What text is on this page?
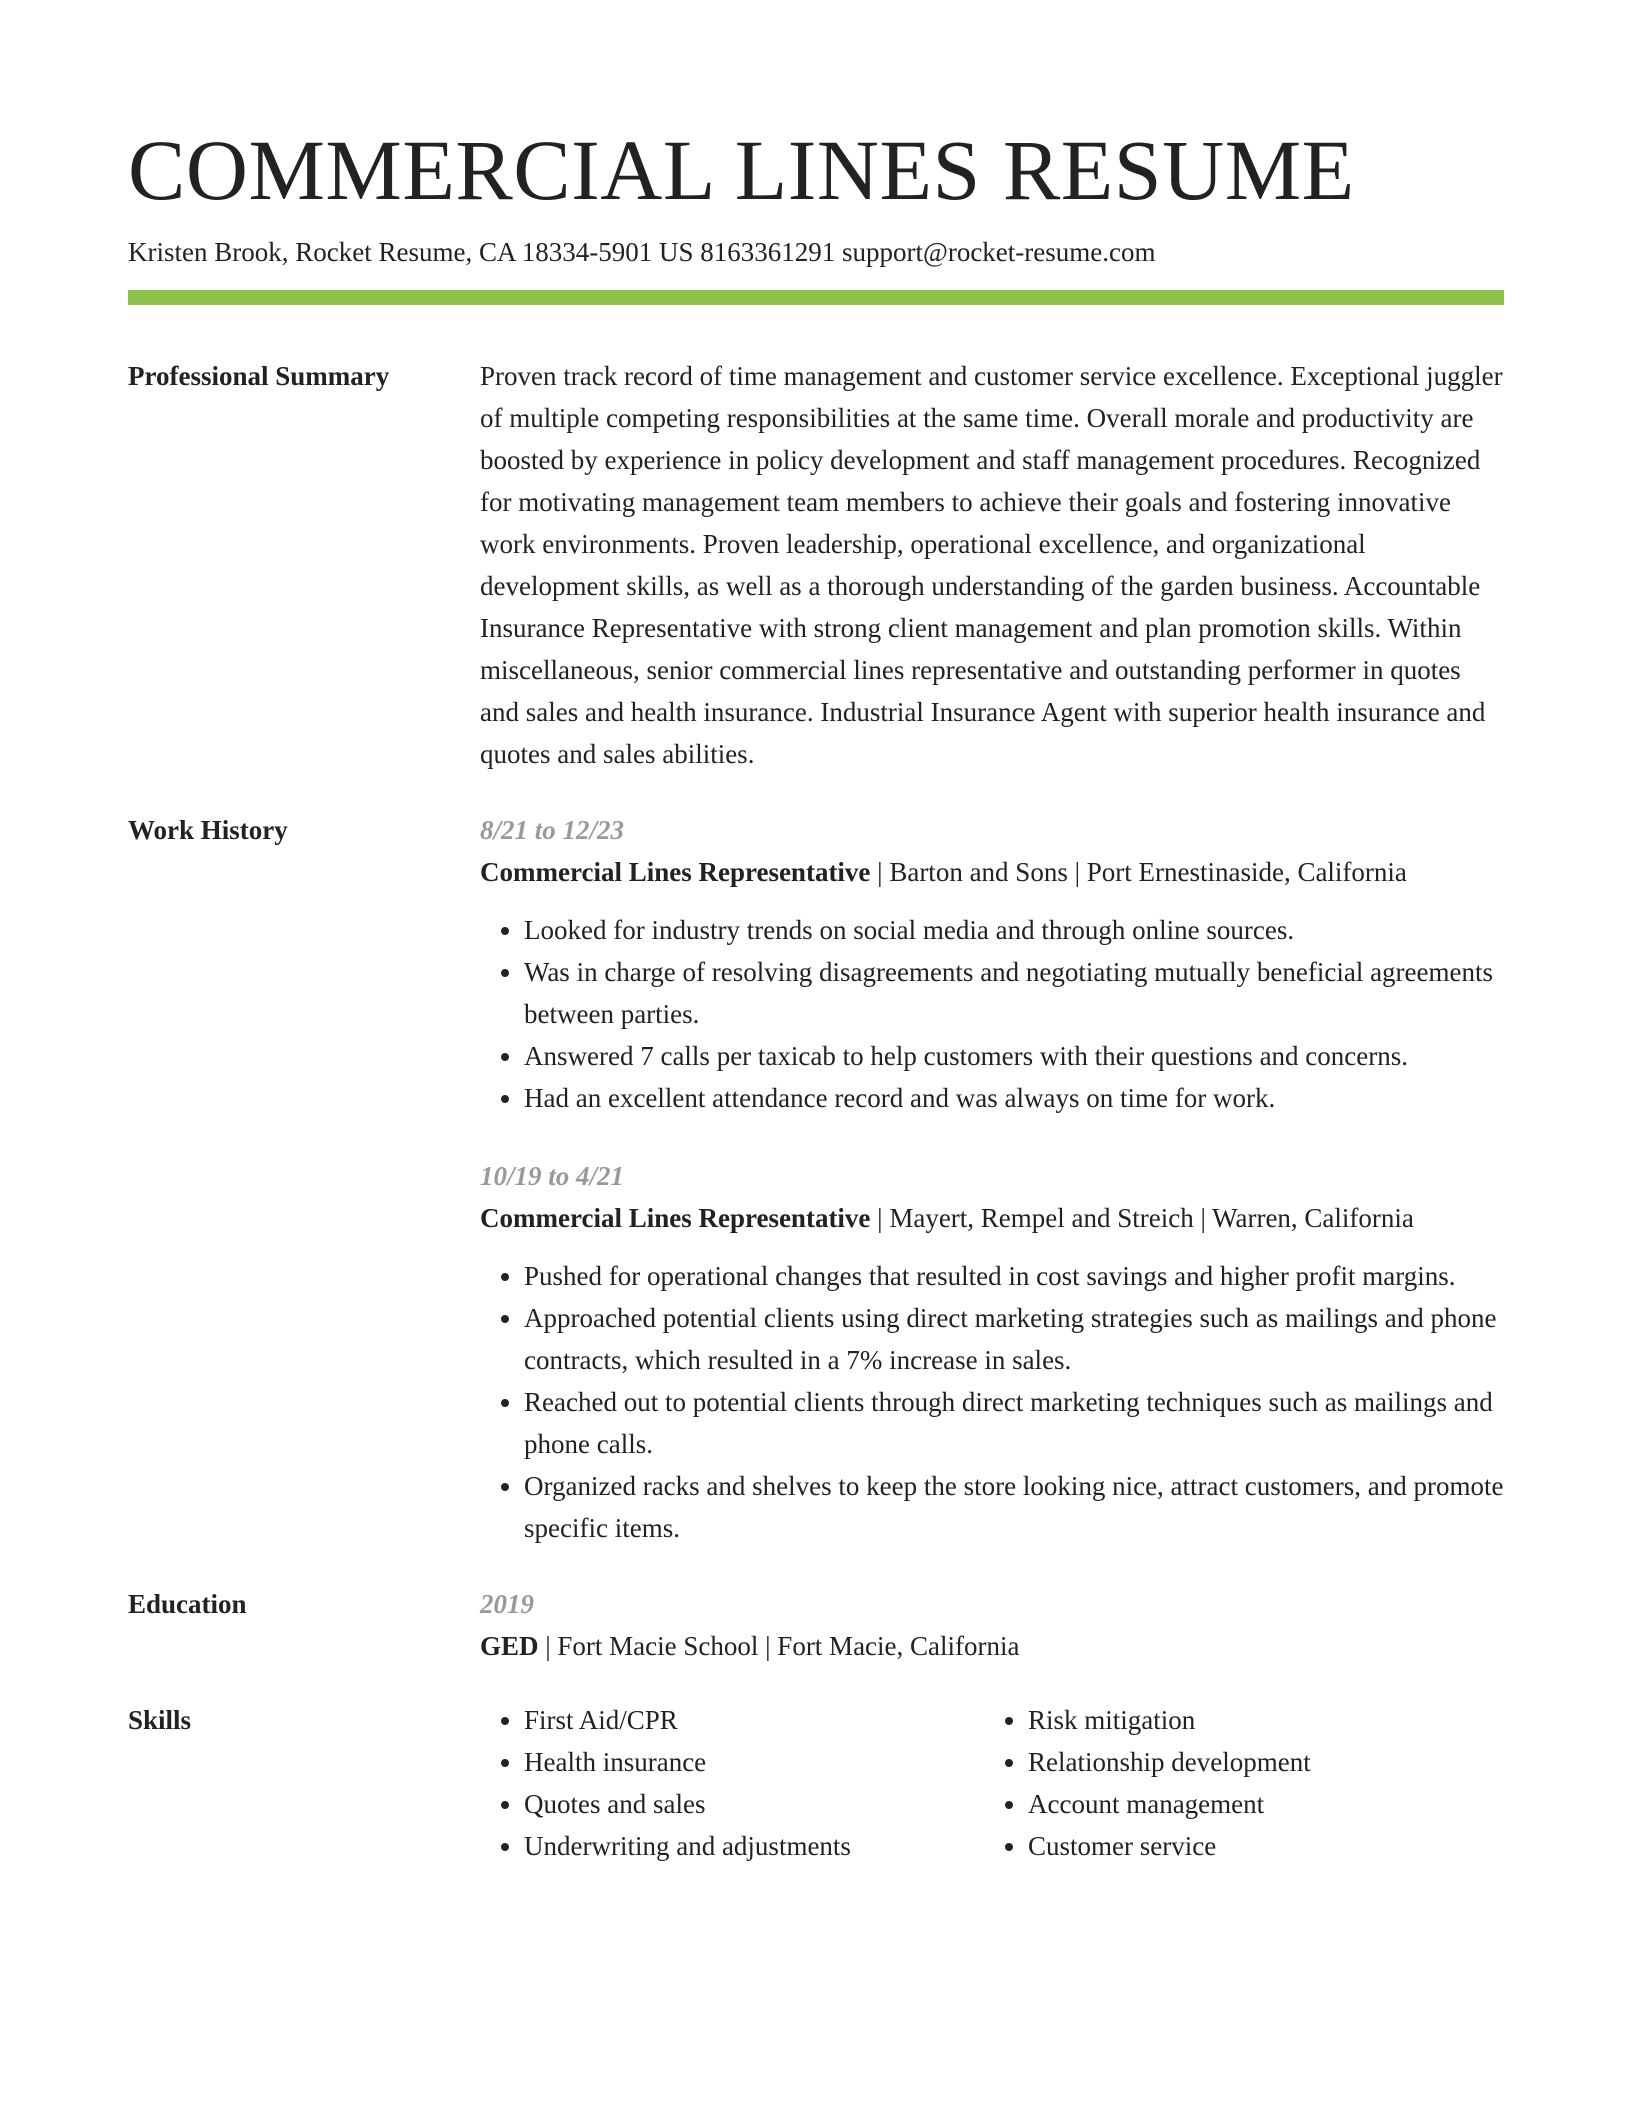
COMMERCIAL LINES RESUME
Kristen Brook, Rocket Resume, CA 18334-5901 US 8163361291 support@rocket-resume.com
Professional Summary	Proven track record of time management and customer service excellence. Exceptional juggler of multiple competing responsibilities at the same time. Overall morale and productivity are boosted by experience in policy development and staff management procedures. Recognized for motivating management team members to achieve their goals and fostering innovative work environments. Proven leadership, operational excellence, and organizational development skills, as well as a thorough understanding of the garden business. Accountable Insurance Representative with strong client management and plan promotion skills. Within miscellaneous, senior commercial lines representative and outstanding performer in quotes and sales and health insurance. Industrial Insurance Agent with superior health insurance and quotes and sales abilities.
Work History	8/21 to 12/23
Commercial Lines Representative | Barton and Sons | Port Ernestinaside, California
• Looked for industry trends on social media and through online sources.
• Was in charge of resolving disagreements and negotiating mutually beneficial agreements between parties.
• Answered 7 calls per taxicab to help customers with their questions and concerns.
• Had an excellent attendance record and was always on time for work.
10/19 to 4/21
Commercial Lines Representative | Mayert, Rempel and Streich | Warren, California
• Pushed for operational changes that resulted in cost savings and higher profit margins.
• Approached potential clients using direct marketing strategies such as mailings and phone contracts, which resulted in a 7% increase in sales.
• Reached out to potential clients through direct marketing techniques such as mailings and phone calls.
• Organized racks and shelves to keep the store looking nice, attract customers, and promote specific items.
Education	2019
GED | Fort Macie School | Fort Macie, California
Skills
•	First Aid/CPR
• Health insurance
• Quotes and sales
• Underwriting and adjustments
• Risk mitigation
• Relationship development
• Account management
• Customer service
